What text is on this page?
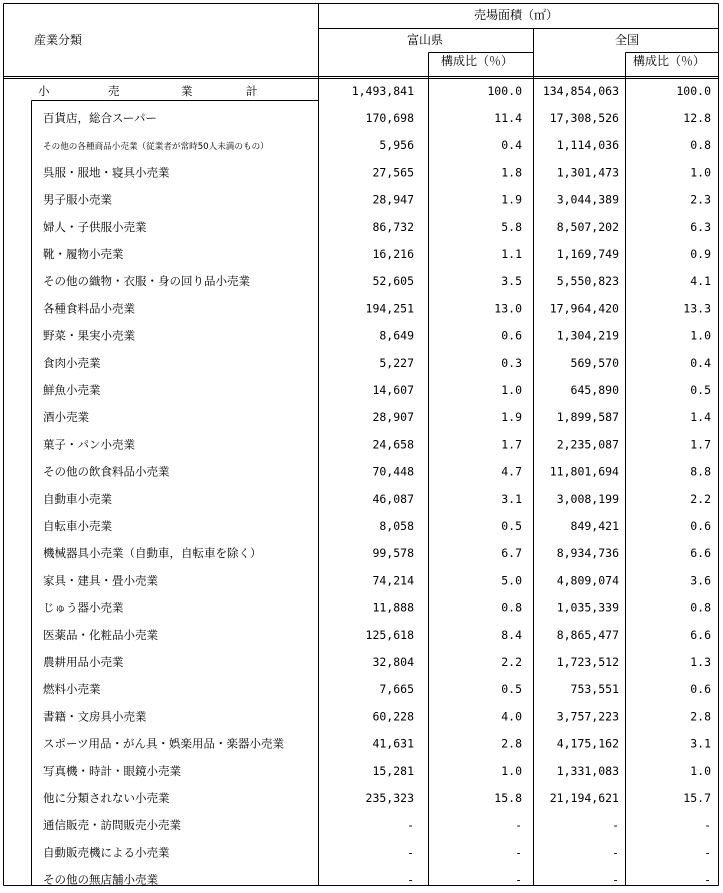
産業分類
売場面積（㎡）
富山県	全国
構成比（％）	構成比（％）
小	売	業	計	1,493,841	100.0 134,854,063	100.0
百貨店，総合スーパー	170,698	11.4 17,308,526	12.8
その他の各種商品小売業（従業者が常時50人未満のもの）	5,956	0.4	1,114,036	0.8
呉服・服地・寝具小売業	27,565	1.8	1,301,473	1.0
男子服小売業	28,947	1.9	3,044,389	2.3
婦人・子供服小売業	86,732	5.8	8,507,202	6.3
靴・履物小売業	16,216	1.1	1,169,749	0.9
その他の織物・衣服・身の回り品小売業	52,605	3.5	5,550,823	4.1
各種食料品小売業	194,251	13.0 17,964,420	13.3
野菜・果実小売業	8,649	0.6	1,304,219	1.0
食肉小売業	5,227	0.3	569,570	0.4
鮮魚小売業	14,607	1.0	645,890	0.5
酒小売業	28,907	1.9	1,899,587	1.4
菓子・パン小売業	24,658	1.7	2,235,087	1.7
その他の飲食料品小売業	70,448	4.7 11,801,694	8.8
自動車小売業	46,087	3.1	3,008,199	2.2
自転車小売業	8,058	0.5	849,421	0.6
機械器具小売業（自動車，自転車を除く）	99,578	6.7	8,934,736	6.6
家具・建具・畳小売業	74,214	5.0	4,809,074	3.6
じゅう器小売業	11,888	0.8	1,035,339	0.8
医薬品・化粧品小売業	125,618	8.4	8,865,477	6.6
農耕用品小売業	32,804	2.2	1,723,512	1.3
燃料小売業	7,665	0.5	753,551	0.6
書籍・文房具小売業	60,228	4.0	3,757,223	2.8
スポーツ用品・がん具・娯楽用品・楽器小売業	41,631	2.8	4,175,162	3.1
写真機・時計・眼鏡小売業	15,281	1.0	1,331,083	1.0
他に分類されない小売業	235,323	15.8 21,194,621	15.7
通信販売・訪問販売小売業	-	-	-	-
自動販売機による小売業	-	-	-	-
その他の無店舗小売業	-	-	-	-
